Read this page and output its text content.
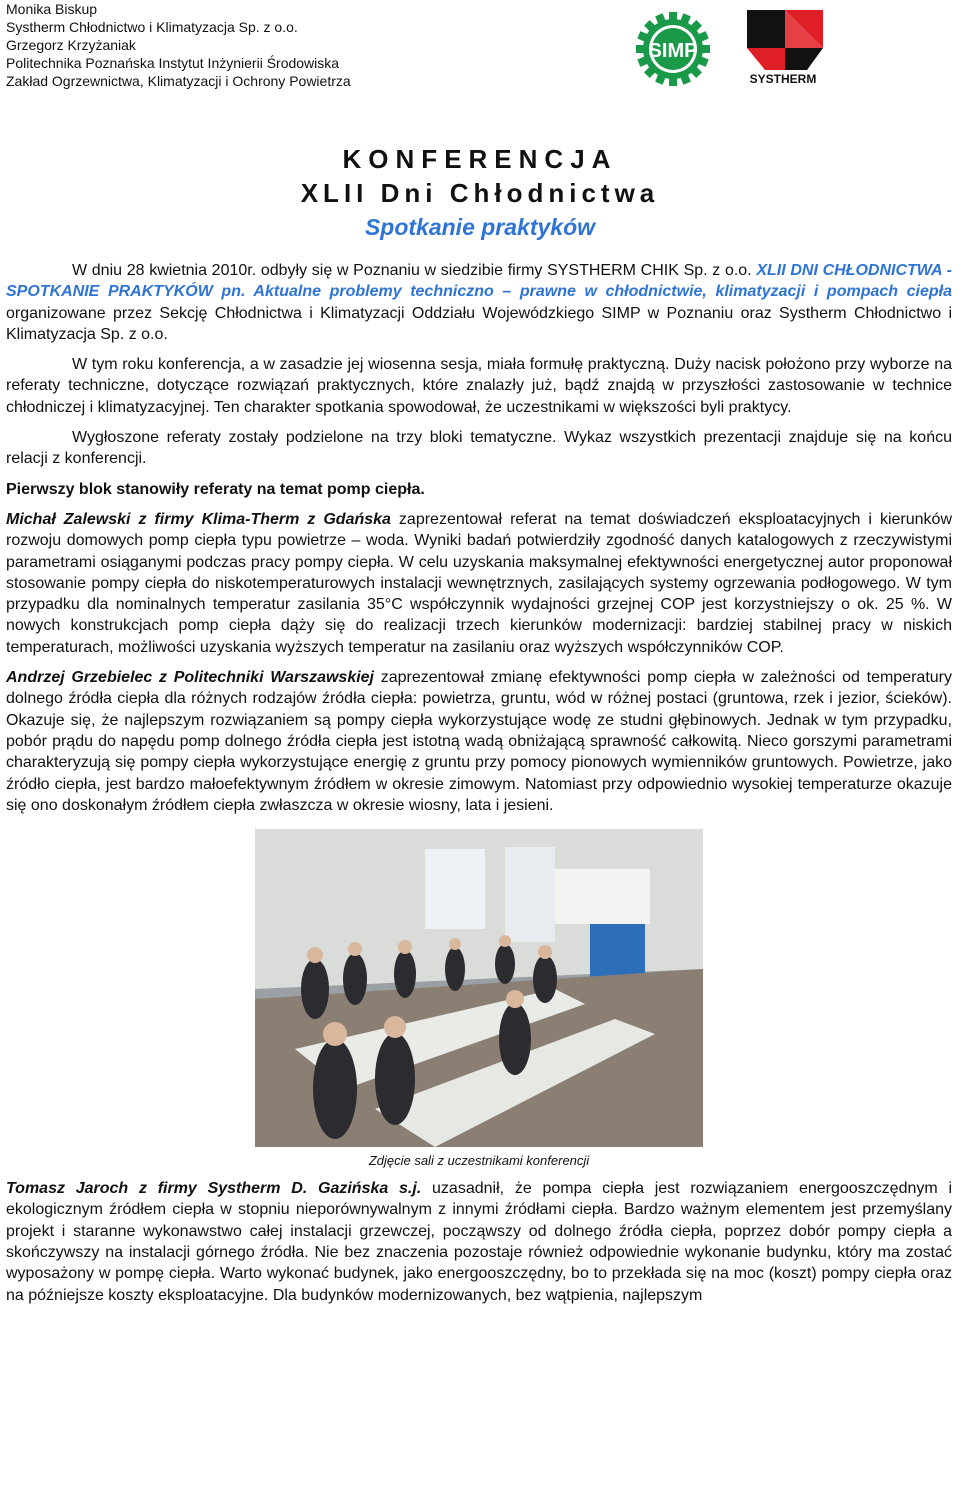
Monika Biskup
Systherm Chłodnictwo i Klimatyzacja Sp. z o.o.
Grzegorz Krzyżaniak
Politechnika Poznańska Instytut Inżynierii Środowiska
Zakład Ogrzewnictwa, Klimatyzacji i Ochrony Powietrza
SIMP
SYSTHERM
KONFERENCJA
XLII Dni Chłodnictwa
Spotkanie praktyków

W dniu 28 kwietnia 2010r. odbyły się w Poznaniu w siedzibie firmy SYSTHERM CHIK Sp. z o.o. XLII DNI CHŁODNICTWA - SPOTKANIE PRAKTYKÓW pn. Aktualne problemy techniczno – prawne w chłodnictwie, klimatyzacji i pompach ciepła organizowane przez Sekcję Chłodnictwa i Klimatyzacji Oddziału Wojewódzkiego SIMP w Poznaniu oraz Systherm Chłodnictwo i Klimatyzacja Sp. z o.o.

W tym roku konferencja, a w zasadzie jej wiosenna sesja, miała formułę praktyczną. Duży nacisk położono przy wyborze na referaty techniczne, dotyczące rozwiązań praktycznych, które znalazły już, bądź znajdą w przyszłości zastosowanie w technice chłodniczej i klimatyzacyjnej. Ten charakter spotkania spowodował, że uczestnikami w większości byli praktycy.

Wygłoszone referaty zostały podzielone na trzy bloki tematyczne. Wykaz wszystkich prezentacji znajduje się na końcu relacji z konferencji.

Pierwszy blok stanowiły referaty na temat pomp ciepła.

Michał Zalewski z firmy Klima-Therm z Gdańska zaprezentował referat na temat doświadczeń eksploatacyjnych i kierunków rozwoju domowych pomp ciepła typu powietrze – woda. Wyniki badań potwierdziły zgodność danych katalogowych z rzeczywistymi parametrami osiąganymi podczas pracy pompy ciepła. W celu uzyskania maksymalnej efektywności energetycznej autor proponował stosowanie pompy ciepła do niskotemperaturowych instalacji wewnętrznych, zasilających systemy ogrzewania podłogowego. W tym przypadku dla nominalnych temperatur zasilania 35°C współczynnik wydajności grzejnej COP jest korzystniejszy o ok. 25 %. W nowych konstrukcjach pomp ciepła dąży się do realizacji trzech kierunków modernizacji: bardziej stabilnej pracy w niskich temperaturach, możliwości uzyskania wyższych temperatur na zasilaniu oraz wyższych współczynników COP.

Andrzej Grzebielec z Politechniki Warszawskiej zaprezentował zmianę efektywności pomp ciepła w zależności od temperatury dolnego źródła ciepła dla różnych rodzajów źródła ciepła: powietrza, gruntu, wód w różnej postaci (gruntowa, rzek i jezior, ścieków). Okazuje się, że najlepszym rozwiązaniem są pompy ciepła wykorzystujące wodę ze studni głębinowych. Jednak w tym przypadku, pobór prądu do napędu pomp dolnego źródła ciepła jest istotną wadą obniżającą sprawność całkowitą. Nieco gorszymi parametrami charakteryzują się pompy ciepła wykorzystujące energię z gruntu przy pomocy pionowych wymienników gruntowych. Powietrze, jako źródło ciepła, jest bardzo małoefektywnym źródłem w okresie zimowym. Natomiast przy odpowiednio wysokiej temperaturze okazuje się ono doskonałym źródłem ciepła zwłaszcza w okresie wiosny, lata i jesieni.

Zdjęcie sali z uczestnikami konferencji

Tomasz Jaroch z firmy Systherm D. Gazińska s.j. uzasadnił, że pompa ciepła jest rozwiązaniem energooszczędnym i ekologicznym źródłem ciepła w stopniu nieporównywalnym z innymi źródłami ciepła. Bardzo ważnym elementem jest przemyślany projekt i staranne wykonawstwo całej instalacji grzewczej, począwszy od dolnego źródła ciepła, poprzez dobór pompy ciepła a skończywszy na instalacji górnego źródła. Nie bez znaczenia pozostaje również odpowiednie wykonanie budynku, który ma zostać wyposażony w pompę ciepła. Warto wykonać budynek, jako energooszczędny, bo to przekłada się na moc (koszt) pompy ciepła oraz na późniejsze koszty eksploatacyjne. Dla budynków modernizowanych, bez wątpienia, najlepszym
